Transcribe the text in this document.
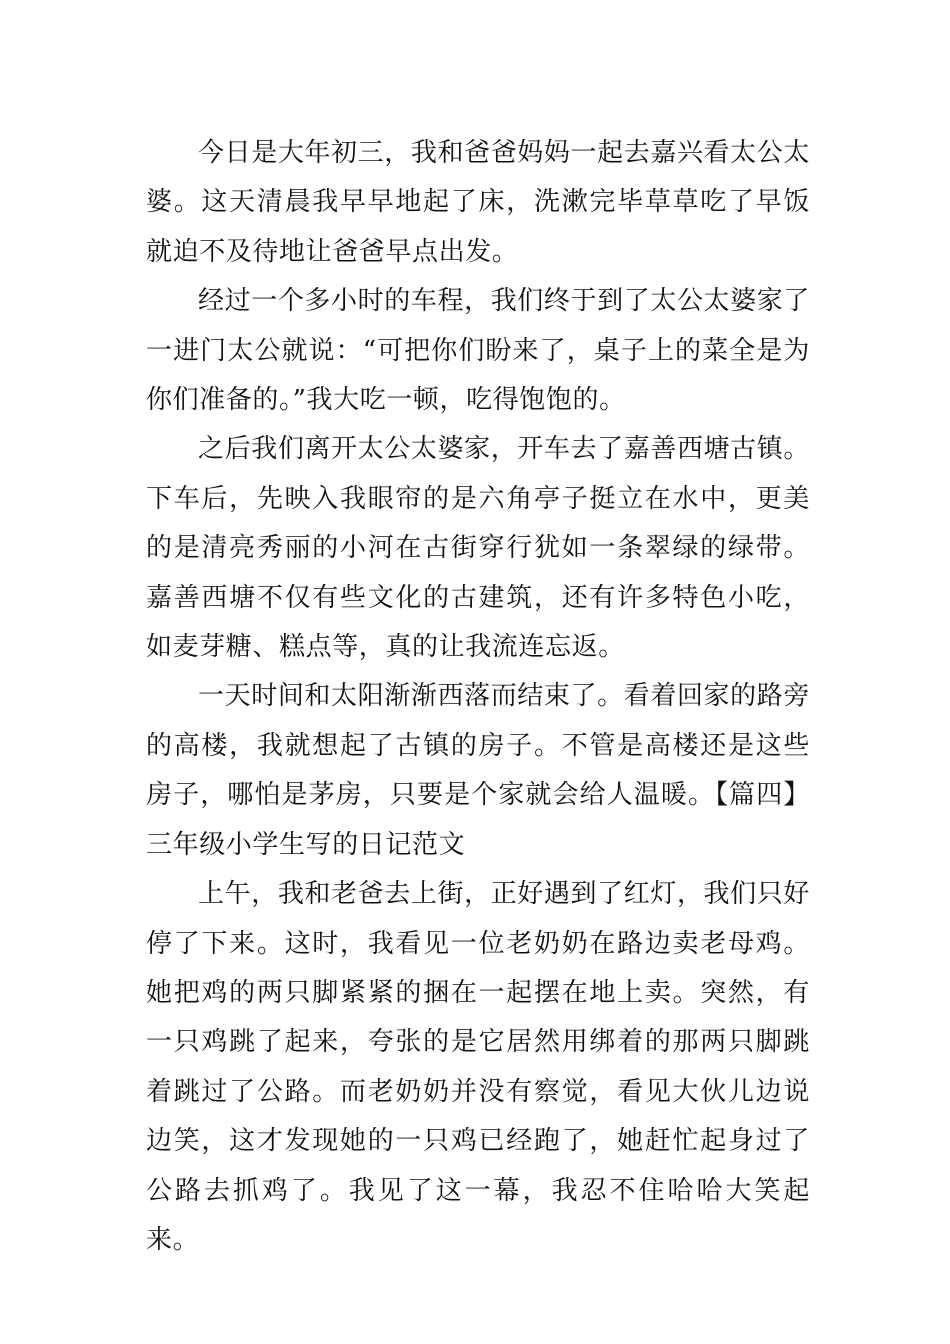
今日是大年初三，我和爸爸妈妈一起去嘉兴看太公太婆。这天清晨我早早地起了床，洗漱完毕草草吃了早饭就迫不及待地让爸爸早点出发。

经过一个多小时的车程，我们终于到了太公太婆家了一进门太公就说：“可把你们盼来了，桌子上的菜全是为你们准备的。”我大吃一顿，吃得饱饱的。

之后我们离开太公太婆家，开车去了嘉善西塘古镇。下车后，先映入我眼帘的是六角亭子挺立在水中，更美的是清亮秀丽的小河在古街穿行犹如一条翠绿的绿带。嘉善西塘不仅有些文化的古建筑，还有许多特色小吃，如麦芽糖、糕点等，真的让我流连忘返。

一天时间和太阳渐渐西落而结束了。看着回家的路旁的高楼，我就想起了古镇的房子。不管是高楼还是这些房子，哪怕是茅房，只要是个家就会给人温暖。【篇四】三年级小学生写的日记范文

上午，我和老爸去上街，正好遇到了红灯，我们只好停了下来。这时，我看见一位老奶奶在路边卖老母鸡。她把鸡的两只脚紧紧的捆在一起摆在地上卖。突然，有一只鸡跳了起来，夸张的是它居然用绑着的那两只脚跳着跳过了公路。而老奶奶并没有察觉，看见大伙儿边说边笑，这才发现她的一只鸡已经跑了，她赶忙起身过了公路去抓鸡了。我见了这一幕，我忍不住哈哈大笑起来。
